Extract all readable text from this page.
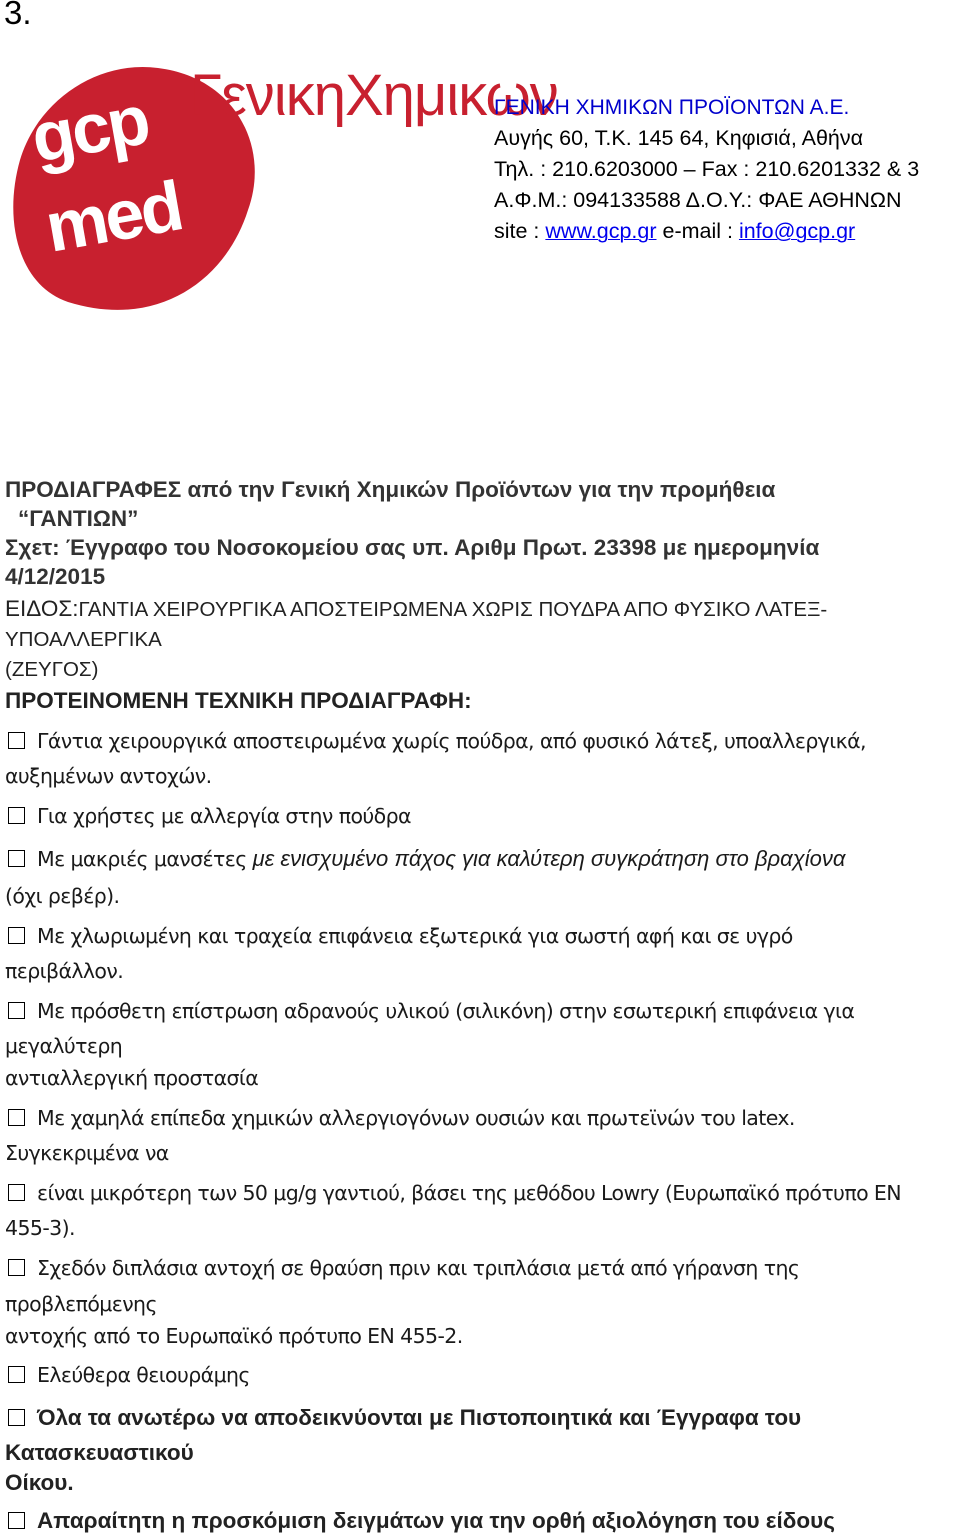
3.
gcp
med
ΓενικηΧημικων
ΓΕΝΙΚΗ ΧΗΜΙΚΩΝ ΠΡΟΪΟΝΤΩΝ Α.Ε.
Αυγής 60, Τ.Κ. 145 64, Κηφισιά, Αθήνα
Τηλ. : 210.6203000 – Fax : 210.6201332 & 3
Α.Φ.Μ.: 094133588 Δ.Ο.Υ.: ΦΑΕ ΑΘΗΝΩΝ
site : www.gcp.gr e-mail : info@gcp.gr
ΠΡΟΔΙΑΓΡΑΦΕΣ από την Γενική Χημικών Προϊόντων για την προμήθεια
“ΓΑΝΤΙΩΝ”
Σχετ: Έγγραφο του Νοσοκομείου σας υπ. Αριθμ Πρωτ. 23398 με ημερομηνία
4/12/2015
ΕΙΔΟΣ:ΓΑΝΤΙΑ ΧΕΙΡΟΥΡΓΙΚΑ ΑΠΟΣΤΕΙΡΩΜΕΝΑ ΧΩΡΙΣ ΠΟΥΔΡΑ ΑΠΟ ΦΥΣΙΚΟ ΛΑΤΕΞ-
ΥΠΟΑΛΛΕΡΓΙΚΑ
(ΖΕΥΓΟΣ)
ΠΡΟΤΕΙΝΟΜΕΝΗ ΤΕΧΝΙΚΗ ΠΡΟΔΙΑΓΡΑΦΗ:
Γάντια χειρουργικά αποστειρωμένα χωρίς πούδρα, από φυσικό λάτεξ, υποαλλεργικά,
αυξημένων αντοχών.
Για χρήστες με αλλεργία στην πούδρα
Με μακριές μανσέτες με ενισχυμένο πάχος για καλύτερη συγκράτηση στο βραχίονα
(όχι ρεβέρ).
Με χλωριωμένη και τραχεία επιφάνεια εξωτερικά για σωστή αφή και σε υγρό
περιβάλλον.
Με πρόσθετη επίστρωση αδρανούς υλικού (σιλικόνη) στην εσωτερική επιφάνεια για
μεγαλύτερη
αντιαλλεργική προστασία
Με χαμηλά επίπεδα χημικών αλλεργιογόνων ουσιών και πρωτεϊνών του latex.
Συγκεκριμένα να
είναι μικρότερη των 50 μg/g γαντιού, βάσει της μεθόδου Lowry (Ευρωπαϊκό πρότυπο EN
455-3).
Σχεδόν διπλάσια αντοχή σε θραύση πριν και τριπλάσια μετά από γήρανση της
προβλεπόμενης
αντοχής από το Ευρωπαϊκό πρότυπο EN 455-2.
Ελεύθερα θειουράμης
Όλα τα ανωτέρω να αποδεικνύονται με Πιστοποιητικά και Έγγραφα του
Κατασκευαστικού
Οίκου.
Απαραίτητη η προσκόμιση δειγμάτων για την ορθή αξιολόγηση του είδους
